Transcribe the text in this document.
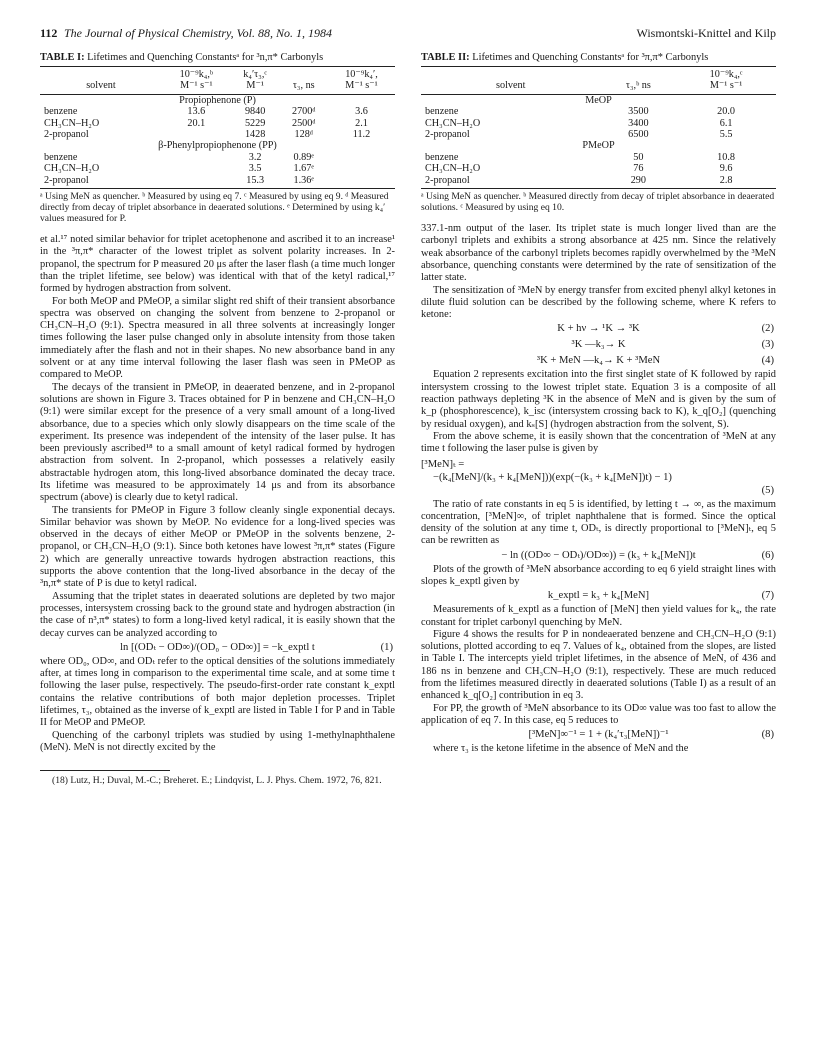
112 The Journal of Physical Chemistry, Vol. 88, No. 1, 1984	Wismontski-Knittel and Kilp
TABLE I: Lifetimes and Quenching Constantsᵃ for ³n,π* Carbonyls
	10⁻⁹k₄,ᵇ	k₄′τ₃,ᶜ		10⁻⁹k₄′,
solvent	M⁻¹ s⁻¹	M⁻¹	τ₃, ns	M⁻¹ s⁻¹
Propiophenone (P)				
benzene	13.6	9840	2700ᵈ	3.6
CH₃CN–H₂O	20.1	5229	2500ᵈ	2.1
2-propanol		1428	128ᵈ	11.2
β-Phenylpropiophenone (PP)				
benzene		3.2	0.89ᵉ	
CH₃CN–H₂O		3.5	1.67ᵉ	
2-propanol		15.3	1.36ᵉ	
ᵃ Using MeN as quencher. ᵇ Measured by using eq 7. ᶜ Measured by using eq 9. ᵈ Measured directly from decay of triplet absorbance in deaerated solutions. ᵉ Determined by using k₄′ values measured for P.

et al.¹⁷ noted similar behavior for triplet acetophenone and ascribed it to an increase¹ in the ³π,π* character of the lowest triplet as solvent polarity increases. In 2-propanol, the spectrum for P measured 20 μs after the laser flash (a time much longer than the triplet lifetime, see below) was identical with that of the ketyl radical,¹⁷ formed by hydrogen abstraction from solvent.

For both MeOP and PMeOP, a similar slight red shift of their transient absorbance spectra was observed on changing the solvent from benzene to 2-propanol or CH₃CN–H₂O (9:1). Spectra measured in all three solvents at increasingly longer times following the laser pulse changed only in absolute intensity from those taken immediately after the flash and not in their shapes. No new absorbance band in any solvent or at any time interval following the laser flash was seen in PMeOP as compared to MeOP.

The decays of the transient in PMeOP, in deaerated benzene, and in 2-propanol solutions are shown in Figure 3. Traces obtained for P in benzene and CH₃CN–H₂O (9:1) were similar except for the presence of a very small amount of a long-lived absorbance, due to a species which only slowly disappears on the time scale of the experiment. Its presence was independent of the intensity of the laser pulse. It has been previously ascribed¹⁸ to a small amount of ketyl radical formed by hydrogen abstraction from solvent. In 2-propanol, which possesses a relatively easily abstractable hydrogen atom, this long-lived absorbance dominated the decay trace. Its lifetime was measured to be approximately 14 μs and from its absorbance spectrum (above) is clearly due to ketyl radical.

The transients for PMeOP in Figure 3 follow cleanly single exponential decays. Similar behavior was shown by MeOP. No evidence for a long-lived species was observed in the decays of either MeOP or PMeOP in the solvents benzene, 2-propanol, or CH₃CN–H₂O (9:1). Since both ketones have lowest ³π,π* states (Figure 2) which are generally unreactive towards hydrogen abstraction reactions, this supports the above contention that the long-lived absorbance in the decay of the ³n,π* state of P is due to ketyl radical.

Assuming that the triplet states in deaerated solutions are depleted by two major processes, intersystem crossing back to the ground state and hydrogen abstraction (in the case of n³,π* states) to form a long-lived ketyl radical, it is easily shown that the decay curves can be analyzed according to

ln [(ODₜ − OD∞)/(OD₀ − OD∞)] = −k_exptl t	(1)

where OD₀, OD∞, and ODₜ refer to the optical densities of the solutions immediately after, at times long in comparison to the experimental time scale, and at some time t following the laser pulse, respectively. The pseudo-first-order rate constant k_exptl contains the relative contributions of both major depletion processes. Triplet lifetimes, τ₃, obtained as the inverse of k_exptl are listed in Table I for P and in Table II for MeOP and PMeOP.

Quenching of the carbonyl triplets was studied by using 1-methylnaphthalene (MeN). MeN is not directly excited by the

(18) Lutz, H.; Duval, M.-C.; Breheret. E.; Lindqvist, L. J. Phys. Chem. 1972, 76, 821.

TABLE II: Lifetimes and Quenching Constantsᵃ for ³π,π* Carbonyls
		10⁻⁹k₄,ᶜ
solvent	τ₃,ᵇ ns	M⁻¹ s⁻¹
MeOP		
benzene	3500	20.0
CH₃CN–H₂O	3400	6.1
2-propanol	6500	5.5
PMeOP		
benzene	50	10.8
CH₃CN–H₂O	76	9.6
2-propanol	290	2.8
ᵃ Using MeN as quencher. ᵇ Measured directly from decay of triplet absorbance in deaerated solutions. ᶜ Measured by using eq 10.

337.1-nm output of the laser. Its triplet state is much longer lived than are the carbonyl triplets and exhibits a strong absorbance at 425 nm. Since the relatively weak absorbance of the carbonyl triplets becomes rapidly overwhelmed by the ³MeN absorbance, quenching constants were determined by the rate of sensitization of the latter state.

The sensitization of ³MeN by energy transfer from excited phenyl alkyl ketones in dilute fluid solution can be described by the following scheme, where K refers to ketone:

K + hν → ¹K → ³K	(2)
³K —k₃→ K	(3)
³K + MeN —k₄→ K + ³MeN	(4)

Equation 2 represents excitation into the first singlet state of K followed by rapid intersystem crossing to the lowest triplet state. Equation 3 is a composite of all reaction pathways depleting ³K in the absence of MeN and is given by the sum of k_p (phosphorescence), k_isc (intersystem crossing back to K), k_q[O₂] (quenching by residual oxygen), and kₛ[S] (hydrogen abstraction from the solvent, S).

From the above scheme, it is easily shown that the concentration of ³MeN at any time t following the laser pulse is given by

[³MeN]ₜ =
−(k₄[MeN]/(k₃ + k₄[MeN]))(exp(−(k₃ + k₄[MeN])t) − 1)
(5)

The ratio of rate constants in eq 5 is identified, by letting t → ∞, as the maximum concentration, [³MeN]∞, of triplet naphthalene that is formed. Since the optical density of the solution at any time t, ODₜ, is directly proportional to [³MeN]ₜ, eq 5 can be rewritten as

− ln ((OD∞ − ODₜ)/OD∞)) = (k₃ + k₄[MeN])t	(6)

Plots of the growth of ³MeN absorbance according to eq 6 yield straight lines with slopes k_exptl given by

k_exptl = k₃ + k₄[MeN]	(7)

Measurements of k_exptl as a function of [MeN] then yield values for k₄, the rate constant for triplet carbonyl quenching by MeN.

Figure 4 shows the results for P in nondeaerated benzene and CH₃CN–H₂O (9:1) solutions, plotted according to eq 7. Values of k₄, obtained from the slopes, are listed in Table I. The intercepts yield triplet lifetimes, in the absence of MeN, of 436 and 186 ns in benzene and CH₃CN–H₂O (9:1), respectively. These are much reduced from the lifetimes measured directly in deaerated solutions (Table I) as a result of an enhanced k_q[O₂] contribution in eq 3.

For PP, the growth of ³MeN absorbance to its OD∞ value was too fast to allow the application of eq 7. In this case, eq 5 reduces to

[³MeN]∞⁻¹ = 1 + (k₄′τ₃[MeN])⁻¹	(8)

where τ₃ is the ketone lifetime in the absence of MeN and the
